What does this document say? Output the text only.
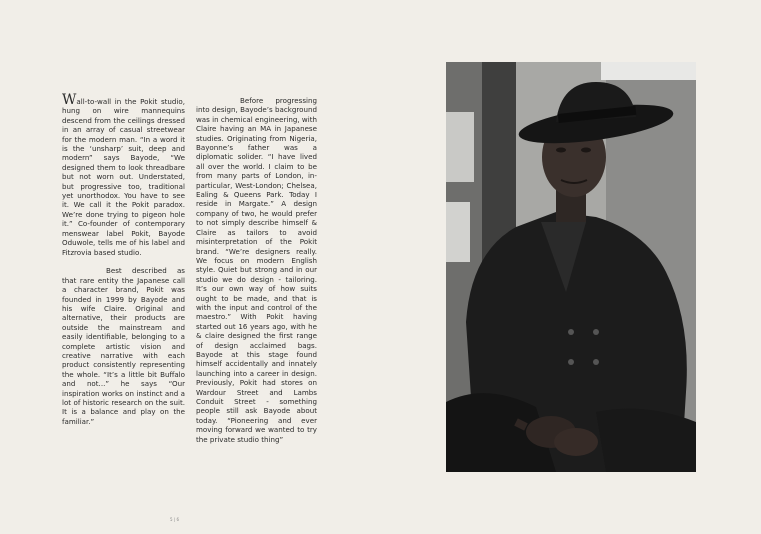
Wall-to-wall in the Pokit studio, hung on wire mannequins descend from the ceilings dressed in an array of casual streetwear for the modern man. “In a word it is the ‘unsharp’ suit, deep and modern” says Bayode, “We designed them to look threadbare but not worn out. Understated, but progressive too, traditional yet unorthodox. You have to see it. We call it the Pokit paradox. We’re done trying to pigeon hole it.” Co-founder of contemporary menswear label Pokit, Bayode Oduwole, tells me of his label and Fitzrovia based studio.

Best described as that rare entity the Japanese call a character brand, Pokit was founded in 1999 by Bayode and his wife Claire. Original and alternative, their products are outside the mainstream and easily identifiable, belonging to a complete artistic vision and creative narrative with each product consistently representing the whole. “It’s a little bit Buffalo and not...” he says “Our inspiration works on instinct and a lot of historic research on the suit. It is a balance and play on the familiar.”

Before progressing into design, Bayode’s background was in chemical engineering, with Claire having an MA in Japanese studies. Originating from Nigeria, Bayonne’s father was a diplomatic solider. “I have lived all over the world. I claim to be from many parts of London, in-particular, West-London; Chelsea, Ealing & Queens Park. Today I reside in Margate.” A design company of two, he would prefer to not simply describe himself & Claire as tailors to avoid misinterpretation of the Pokit brand. “We’re designers really. We focus on modern English style. Quiet but strong and in our studio we do design - tailoring. It’s our own way of how suits ought to be made, and that is with the input and control of the maestro.” With Pokit having started out 16 years ago, with he & claire designed the first range of design acclaimed bags. Bayode at this stage found himself accidentally and innately launching into a career in design. Previously, Pokit had stores on Wardour Street and Lambs Conduit Street - something people still ask Bayode about today. “Pioneering and ever moving forward we wanted to try the private studio thing”

5 | 6
